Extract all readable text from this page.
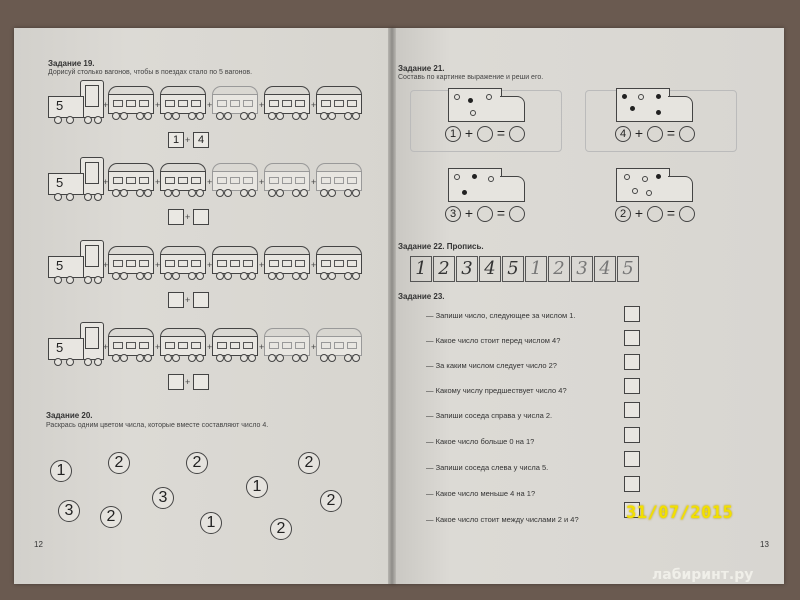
Задание 19.
Дорисуй столько вагонов, чтобы в поездах стало по 5 вагонов.
5	+	+	+	+	+
1 + 4
5	+	+	+	+	+
+
5	+	+	+	+	+
+
5	+	+	+	+	+
+
Задание 20.
Раскрась одним цветом числа, которые вместе составляют число 4.
1	2	2	2
3
3
1
2	1
2
2
12
Задание 21.
Составь по картинке выражение и реши его.
1 + =	4 + =
3 + =	2 + =
Задание 22. Пропись.
1 2 3 4 5 1 2 3 4 5
Задание 23.
— Запиши число, следующее за числом 1.
— Какое число стоит перед числом 4?
— За каким числом следует число 2?
— Какому числу предшествует число 4?
— Запиши соседа справа у числа 2.
— Какое число больше 0 на 1?
— Запиши соседа слева у числа 5.
— Какое число меньше 4 на 1?
— Какое число стоит между числами 2 и 4?
13
31/07/2015
лабиринт.ру
